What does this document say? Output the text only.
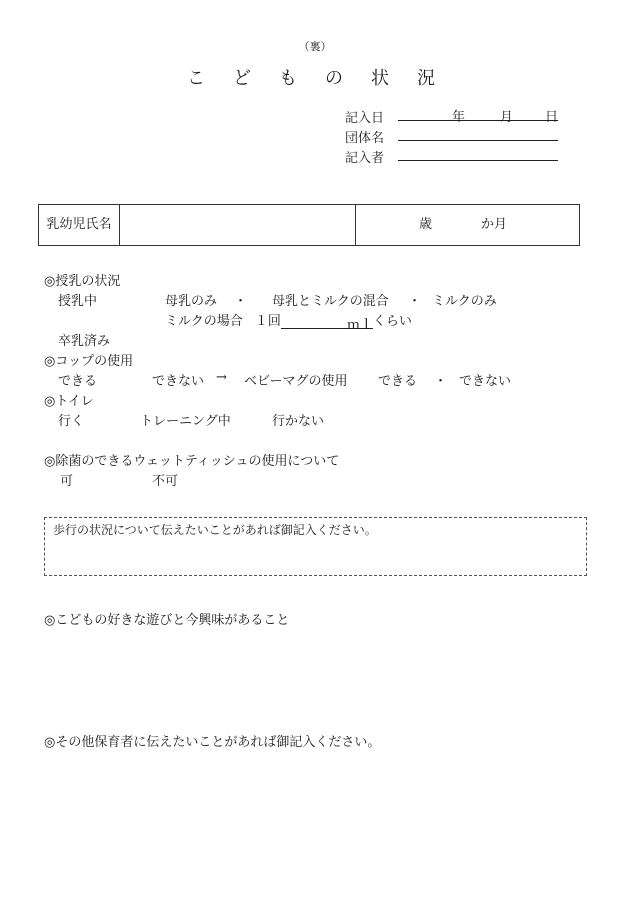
（裏）
こどもの状況
記入日	年	月 日
団体名
記入者
乳幼児氏名	歳	か月
◎授乳の状況
授乳中	母乳のみ ・ 母乳とミルクの混合 ・ ミルクのみ
ミルクの場合 １回	ｍｌくらい
卒乳済み
◎コップの使用
できる	できない → ベビーマグの使用 できる ・ できない
◎トイレ
行く	トレーニング中	行かない
◎除菌のできるウェットティッシュの使用について
可	不可
歩行の状況について伝えたいことがあれば御記入ください。
◎こどもの好きな遊びと今興味があること
◎その他保育者に伝えたいことがあれば御記入ください。
